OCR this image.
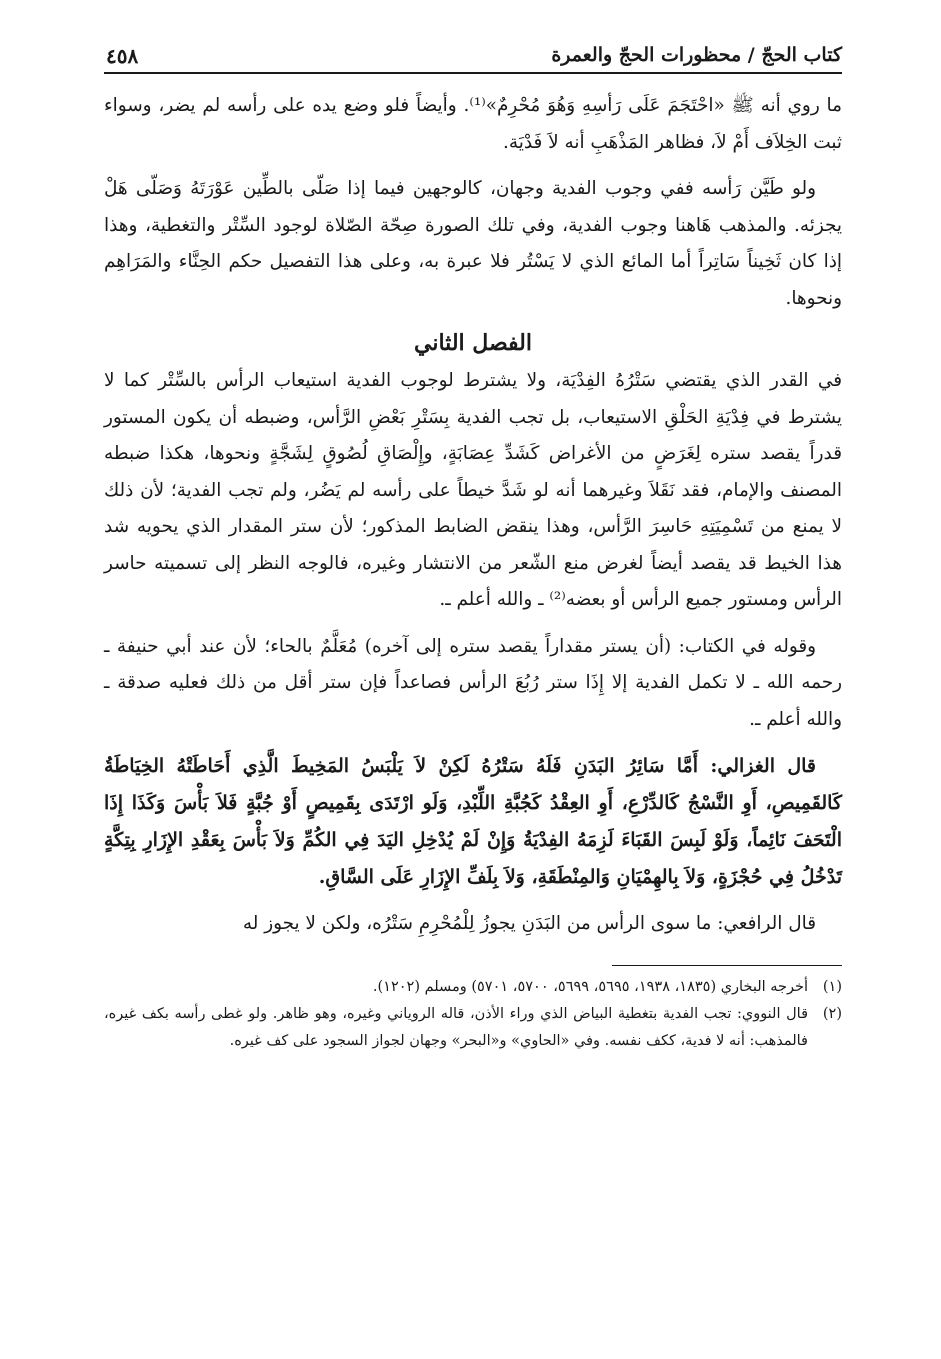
كتاب الحجّ / محظورات الحجّ والعمرة
٤٥٨

ما روي أنه ﷺ «احْتَجَمَ عَلَى رَأسِهِ وَهُوَ مُحْرِمٌ»⁽¹⁾. وأيضاً فلو وضع يده على رأسه لم يضر، وسواء ثبت الخِلاَف أَمْ لاَ، فظاهر المَذْهَبِ أنه لاَ فَدْيَة.

ولو طَيَّن رَأسه ففي وجوب الفدية وجهان، كالوجهين فيما إذا صَلّى بالطِّين عَوْرَتَهُ وَصَلّى هَلْ يجزئه. والمذهب هَاهنا وجوب الفدية، وفي تلك الصورة صِحّة الصّلاة لوجود السِّتْر والتغطية، وهذا إذا كان ثَخِيناً سَاتِراً أما المائع الذي لا يَسْتُر فلا عبرة به، وعلى هذا التفصيل حكم الحِنَّاء والمَرَاهِم ونحوها.

الفصل الثاني

في القدر الذي يقتضي سَتْرُهُ الفِدْيَة، ولا يشترط لوجوب الفدية استيعاب الرأس بالسِّتْر كما لا يشترط في فِدْيَةِ الحَلْقِ الاستيعاب، بل تجب الفدية بِسَتْرِ بَعْضِ الرَّأس، وضبطه أن يكون المستور قدراً يقصد ستره لِغَرَضٍ من الأغراض كَشَدِّ عِصَابَةٍ، وإِلْصَاقِ لُصُوقٍ لِشَجَّةٍ ونحوها، هكذا ضبطه المصنف والإمام، فقد نَقَلاَ وغيرهما أنه لو شَدَّ خيطاً على رأسه لم يَضُر، ولم تجب الفدية؛ لأن ذلك لا يمنع من تَسْمِيَتِهِ حَاسِرَ الرَّأس، وهذا ينقض الضابط المذكور؛ لأن ستر المقدار الذي يحويه شد هذا الخيط قد يقصد أيضاً لغرض منع الشّعر من الانتشار وغيره، فالوجه النظر إلى تسميته حاسر الرأس ومستور جميع الرأس أو بعضه⁽²⁾ ـ والله أعلم ـ.

وقوله في الكتاب: (أن يستر مقداراً يقصد ستره إلى آخره) مُعَلَّمٌ بالحاء؛ لأن عند أبي حنيفة ـ رحمه الله ـ لا تكمل الفدية إلا إِذَا ستر رُبُعَ الرأس فصاعداً فإن ستر أقل من ذلك فعليه صدقة ـ والله أعلم ـ.

قال الغزالي: أَمَّا سَائِرُ البَدَنِ فَلَهُ سَتْرُهُ لَكِنْ لاَ يَلْبَسُ المَخِيطَ الَّذِي أَحَاطَتْهُ الخِيَاطَةُ كَالقَمِيصِ، أَوِ النَّسْجُ كَالدِّرْعِ، أَوِ العِقْدُ كَجُبَّةِ اللِّبْدِ، وَلَو ارْتَدَى بِقَمِيصٍ أَوْ جُبَّةٍ فَلاَ بَأْسَ وَكَذَا إِذَا الْتَحَفَ نَائِماً، وَلَوْ لَبِسَ القَبَاءَ لَزِمَهُ الفِدْيَةُ وَإِنْ لَمْ يُدْخِلِ اليَدَ فِي الكُمِّ وَلاَ بَأْسَ بِعَقْدِ الإِزَارِ بِتِكَّةٍ تَدْخُلُ فِي حُجْزَةٍ، وَلاَ بِالهِمْيَانِ وَالمِنْطَقَةِ، وَلاَ بِلَفِّ الإِزَارِ عَلَى السَّاقِ.

قال الرافعي: ما سوى الرأس من البَدَنِ يجوزُ لِلْمُحْرِمِ سَتْرُه، ولكن لا يجوز له

(١)
أخرجه البخاري (١٨٣٥، ١٩٣٨، ٥٦٩٥، ٥٦٩٩، ٥٧٠٠، ٥٧٠١) ومسلم (١٢٠٢).
(٢)
قال النووي: تجب الفدية بتغطية البياض الذي وراء الأذن، قاله الروياني وغيره، وهو ظاهر. ولو غطى رأسه بكف غيره، فالمذهب: أنه لا فدية، ككف نفسه. وفي «الحاوي» و«البحر» وجهان لجواز السجود على كف غيره.
